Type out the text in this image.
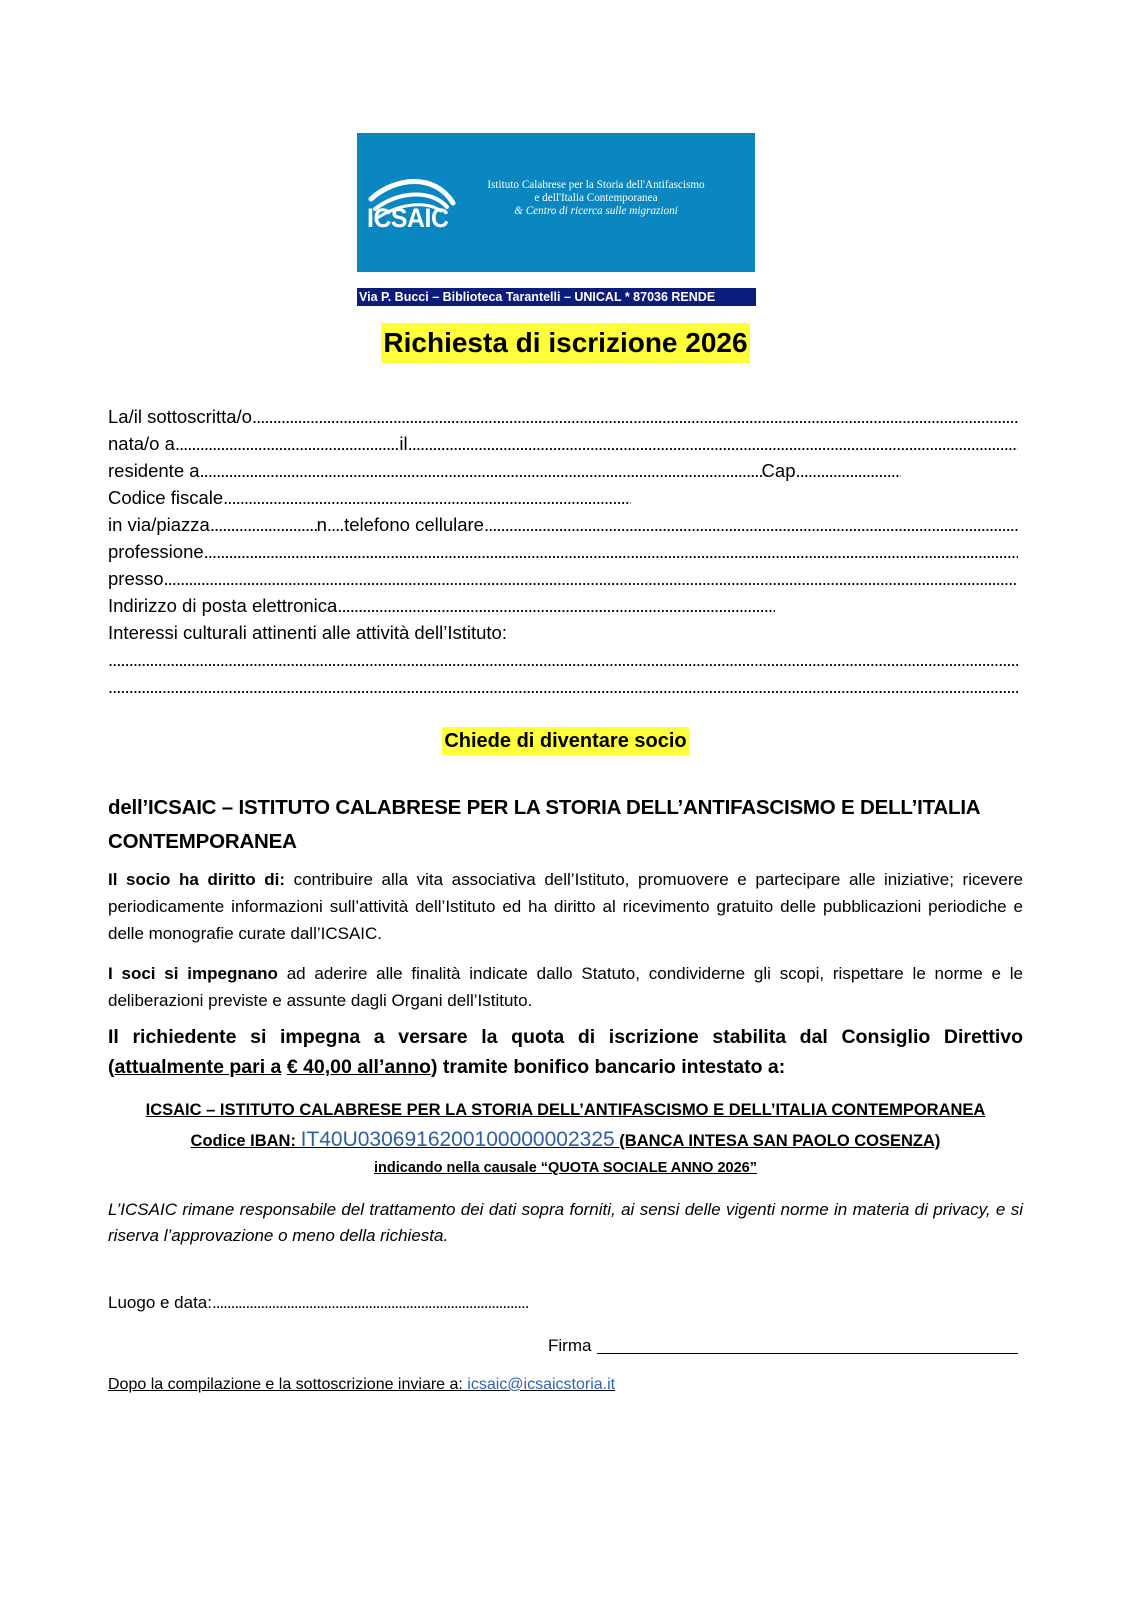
ICSAIC
Istituto Calabrese per la Storia dell'Antifascismo
e dell'Italia Contemporanea
& Centro di ricerca sulle migrazioni
Via P. Bucci – Biblioteca Tarantelli – UNICAL * 87036 RENDE
Richiesta di iscrizione 2026
La/il sottoscritta/o
.....
nata/o a .....	il
.....
residente a .....	Cap
.....
Codice fiscale
.....
in via/piazza .....	n ..... telefono cellulare
.....
professione
.....
presso
.....
Indirizzo di posta elettronica
.....
Interessi culturali attinenti alle attività dell’Istituto:
.....
.....
Chiede di diventare socio
dell’ICSAIC – ISTITUTO CALABRESE PER LA STORIA DELL’ANTIFASCISMO E DELL’ITALIA CONTEMPORANEA
Il socio ha diritto di: contribuire alla vita associativa dell’Istituto, promuovere e partecipare alle iniziative; ricevere periodicamente informazioni sull’attività dell’Istituto ed ha diritto al ricevimento gratuito delle pubblicazioni periodiche e delle monografie curate dall’ICSAIC.
I soci si impegnano ad aderire alle finalità indicate dallo Statuto, condividerne gli scopi, rispettare le norme e le deliberazioni previste e assunte dagli Organi dell’Istituto.
Il richiedente si impegna a versare la quota di iscrizione stabilita dal Consiglio Direttivo (attualmente pari a € 40,00 all’anno) tramite bonifico bancario intestato a:
ICSAIC – ISTITUTO CALABRESE PER LA STORIA DELL’ANTIFASCISMO E DELL’ITALIA CONTEMPORANEA
Codice IBAN: IT40U0306916200100000002325 (BANCA INTESA SAN PAOLO COSENZA)
indicando nella causale “QUOTA SOCIALE ANNO 2026”
L’ICSAIC rimane responsabile del trattamento dei dati sopra forniti, ai sensi delle vigenti norme in materia di privacy, e si riserva l’approvazione o meno della richiesta.
Luogo e data:
.....
Firma
Dopo la compilazione e la sottoscrizione inviare a: icsaic@icsaicstoria.it
